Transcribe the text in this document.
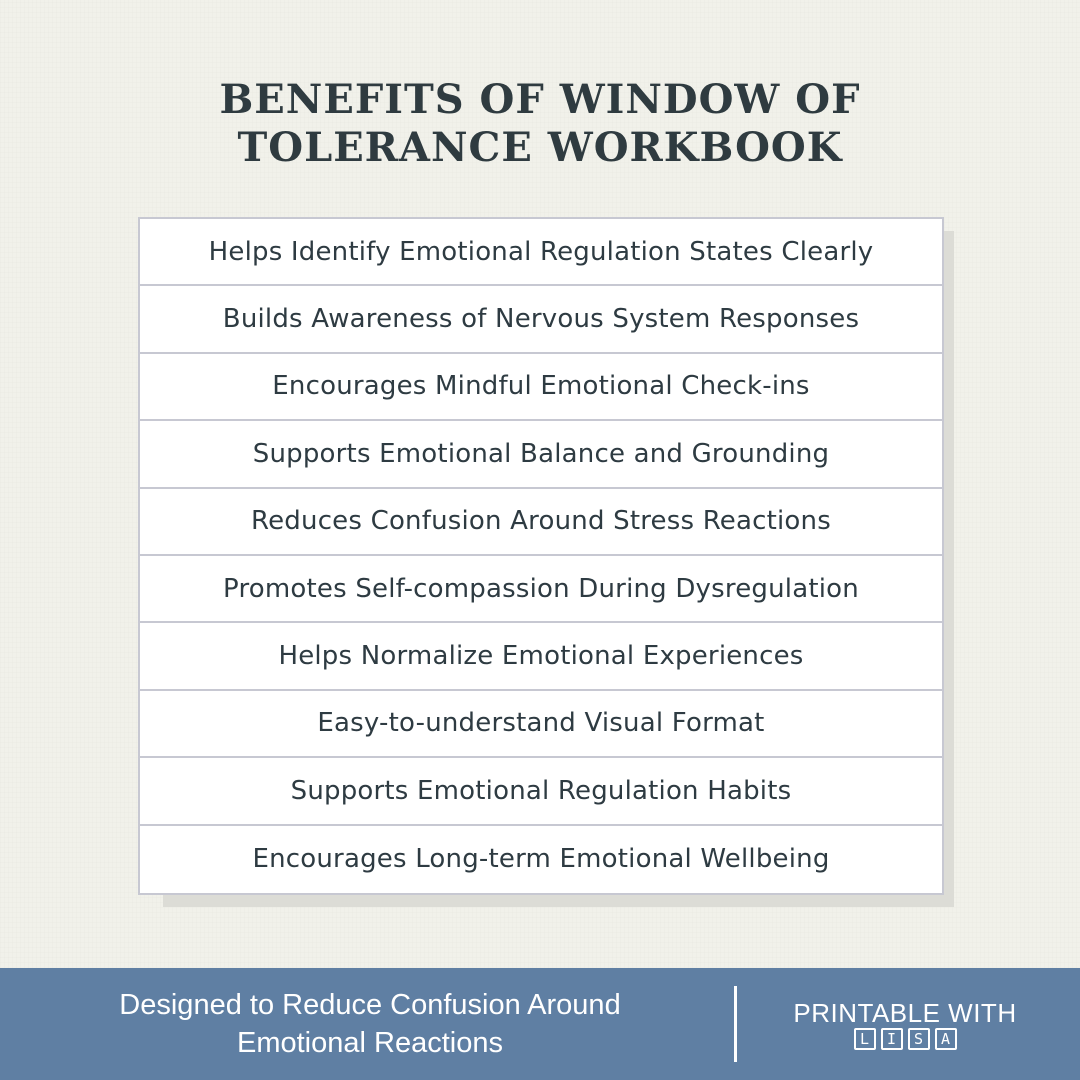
BENEFITS OF WINDOW OF
TOLERANCE WORKBOOK
Helps Identify Emotional Regulation States Clearly
Builds Awareness of Nervous System Responses
Encourages Mindful Emotional Check-ins
Supports Emotional Balance and Grounding
Reduces Confusion Around Stress Reactions
Promotes Self-compassion During Dysregulation
Helps Normalize Emotional Experiences
Easy-to-understand Visual Format
Supports Emotional Regulation Habits
Encourages Long-term Emotional Wellbeing
Designed to Reduce Confusion Around
Emotional Reactions
PRINTABLE WITH
L	I	S	A
